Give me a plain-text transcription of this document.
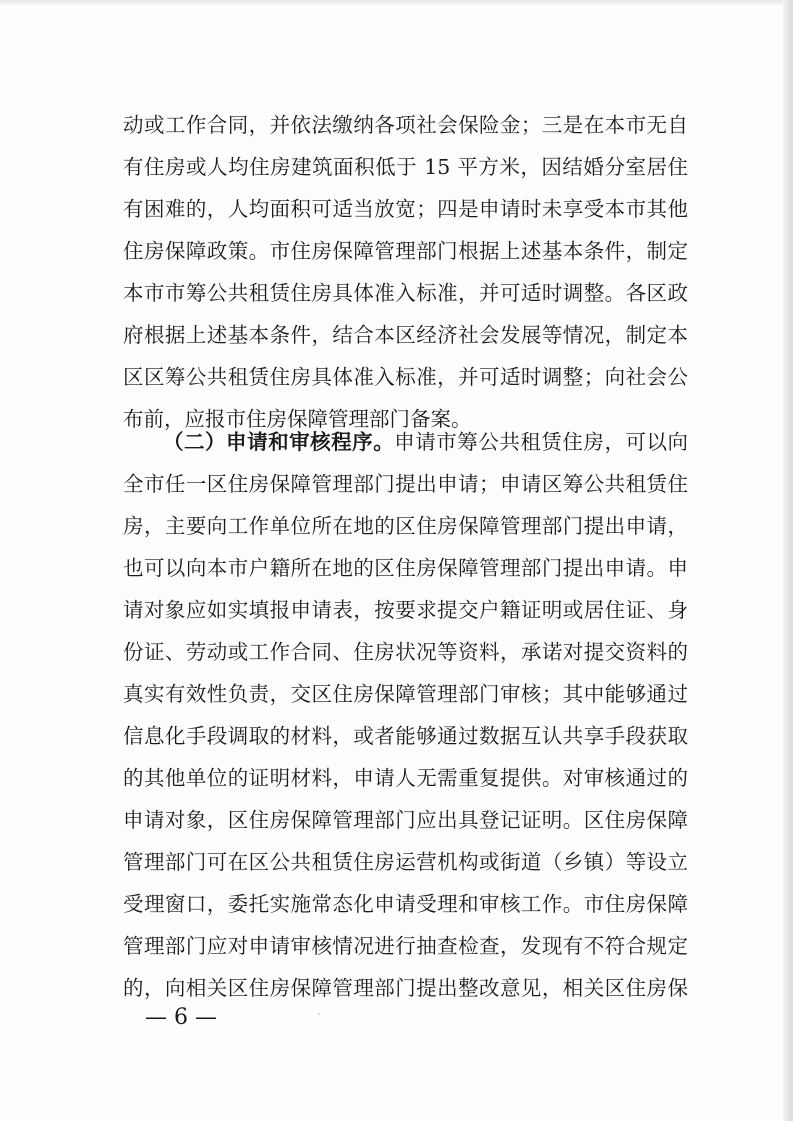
动或工作合同，并依法缴纳各项社会保险金；三是在本市无自
有住房或人均住房建筑面积低于 15 平方米，因结婚分室居住
有困难的，人均面积可适当放宽；四是申请时未享受本市其他
住房保障政策。市住房保障管理部门根据上述基本条件，制定
本市市筹公共租赁住房具体准入标准，并可适时调整。各区政
府根据上述基本条件，结合本区经济社会发展等情况，制定本
区区筹公共租赁住房具体准入标准，并可适时调整；向社会公
布前，应报市住房保障管理部门备案。
（二）申请和审核程序。申请市筹公共租赁住房，可以向
全市任一区住房保障管理部门提出申请；申请区筹公共租赁住
房，主要向工作单位所在地的区住房保障管理部门提出申请，
也可以向本市户籍所在地的区住房保障管理部门提出申请。申
请对象应如实填报申请表，按要求提交户籍证明或居住证、身
份证、劳动或工作合同、住房状况等资料，承诺对提交资料的
真实有效性负责，交区住房保障管理部门审核；其中能够通过
信息化手段调取的材料，或者能够通过数据互认共享手段获取
的其他单位的证明材料，申请人无需重复提供。对审核通过的
申请对象，区住房保障管理部门应出具登记证明。区住房保障
管理部门可在区公共租赁住房运营机构或街道（乡镇）等设立
受理窗口，委托实施常态化申请受理和审核工作。市住房保障
管理部门应对申请审核情况进行抽查检查，发现有不符合规定
的，向相关区住房保障管理部门提出整改意见，相关区住房保
— 6 —
